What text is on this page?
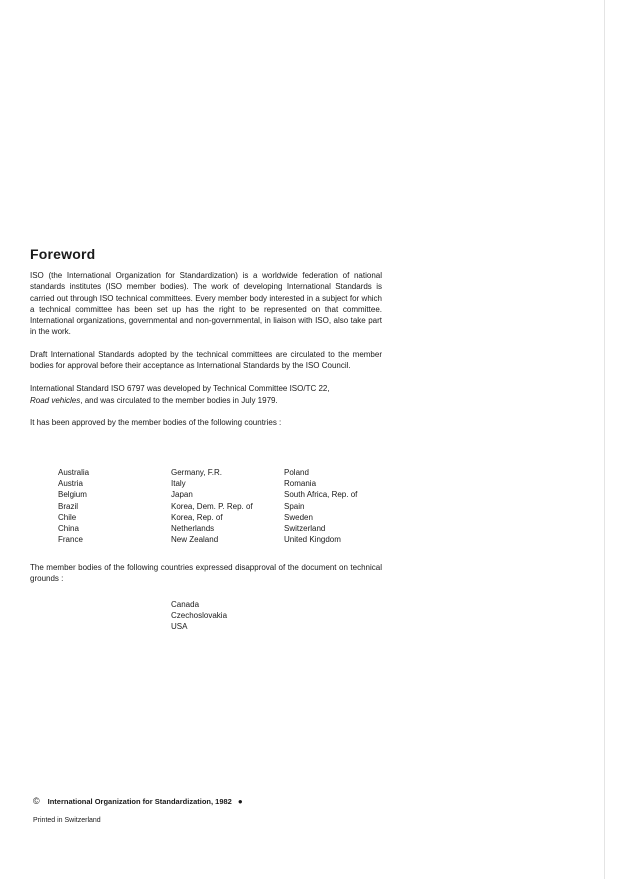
Foreword

ISO (the International Organization for Standardization) is a worldwide federation of national standards institutes (ISO member bodies). The work of developing International Standards is carried out through ISO technical committees. Every member body interested in a subject for which a technical committee has been set up has the right to be represented on that committee. International organizations, governmental and non-governmental, in liaison with ISO, also take part in the work.

Draft International Standards adopted by the technical committees are circulated to the member bodies for approval before their acceptance as International Standards by the ISO Council.

International Standard ISO 6797 was developed by Technical Committee ISO/TC 22,
Road vehicles, and was circulated to the member bodies in July 1979.

It has been approved by the member bodies of the following countries :

Australia
Austria
Belgium
Brazil
Chile
China
France
Germany, F.R.
Italy
Japan
Korea, Dem. P. Rep. of
Korea, Rep. of
Netherlands
New Zealand
Poland
Romania
South Africa, Rep. of
Spain
Sweden
Switzerland
United Kingdom

The member bodies of the following countries expressed disapproval of the document on technical grounds :

Canada
Czechoslovakia
USA
© International Organization for Standardization, 1982 ●
Printed in Switzerland
